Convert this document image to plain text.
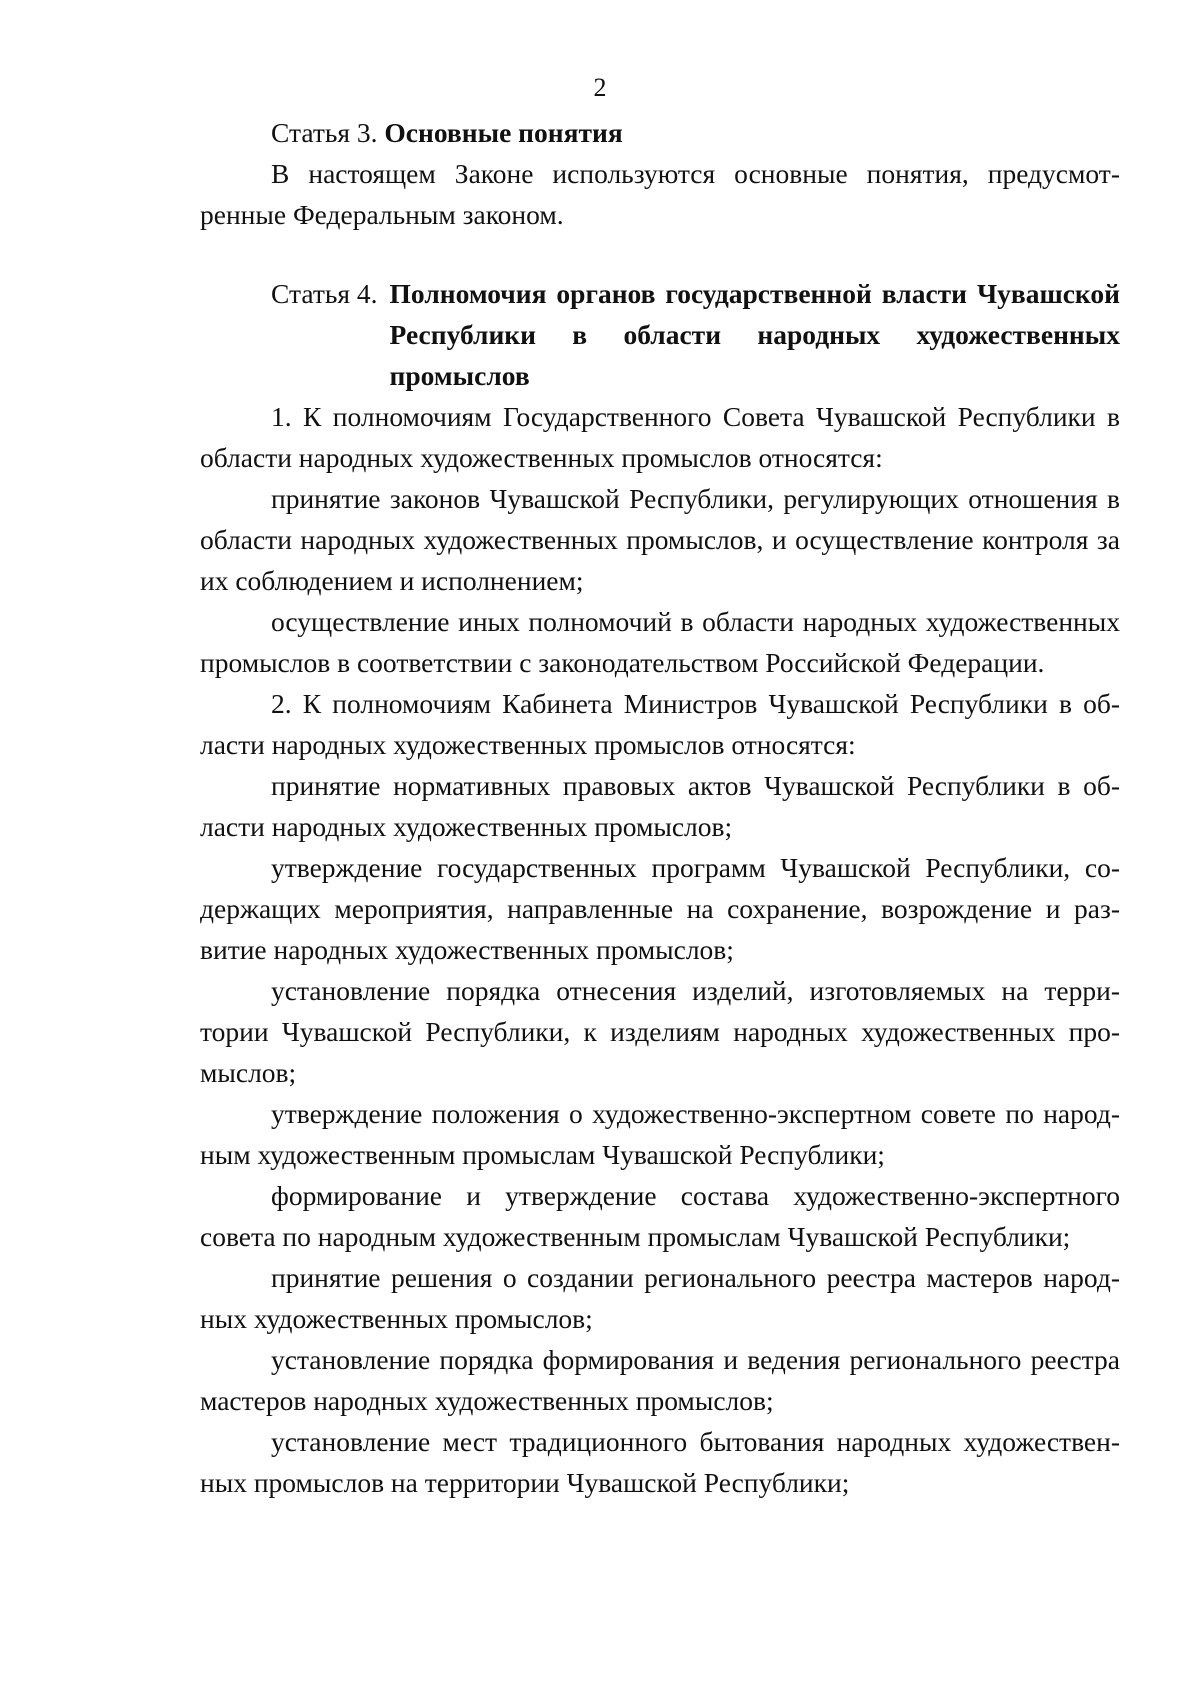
2

Статья 3. Основные понятия

В настоящем Законе используются основные понятия, предусмотренные Федеральным законом.

Статья 4. Полномочия органов государственной власти Чувашской Республики в области народных художественных промыслов

1. К полномочиям Государственного Совета Чувашской Республики в области народных художественных промыслов относятся:

принятие законов Чувашской Республики, регулирующих отношения в области народных художественных промыслов, и осуществление контроля за их соблюдением и исполнением;

осуществление иных полномочий в области народных художественных промыслов в соответствии с законодательством Российской Федерации.

2. К полномочиям Кабинета Министров Чувашской Республики в области народных художественных промыслов относятся:

принятие нормативных правовых актов Чувашской Республики в области народных художественных промыслов;

утверждение государственных программ Чувашской Республики, содержащих мероприятия, направленные на сохранение, возрождение и развитие народных художественных промыслов;

установление порядка отнесения изделий, изготовляемых на территории Чувашской Республики, к изделиям народных художественных промыслов;

утверждение положения о художественно-экспертном совете по народным художественным промыслам Чувашской Республики;

формирование и утверждение состава художественно-экспертного совета по народным художественным промыслам Чувашской Республики;

принятие решения о создании регионального реестра мастеров народных художественных промыслов;

установление порядка формирования и ведения регионального реестра мастеров народных художественных промыслов;

установление мест традиционного бытования народных художественных промыслов на территории Чувашской Республики;
